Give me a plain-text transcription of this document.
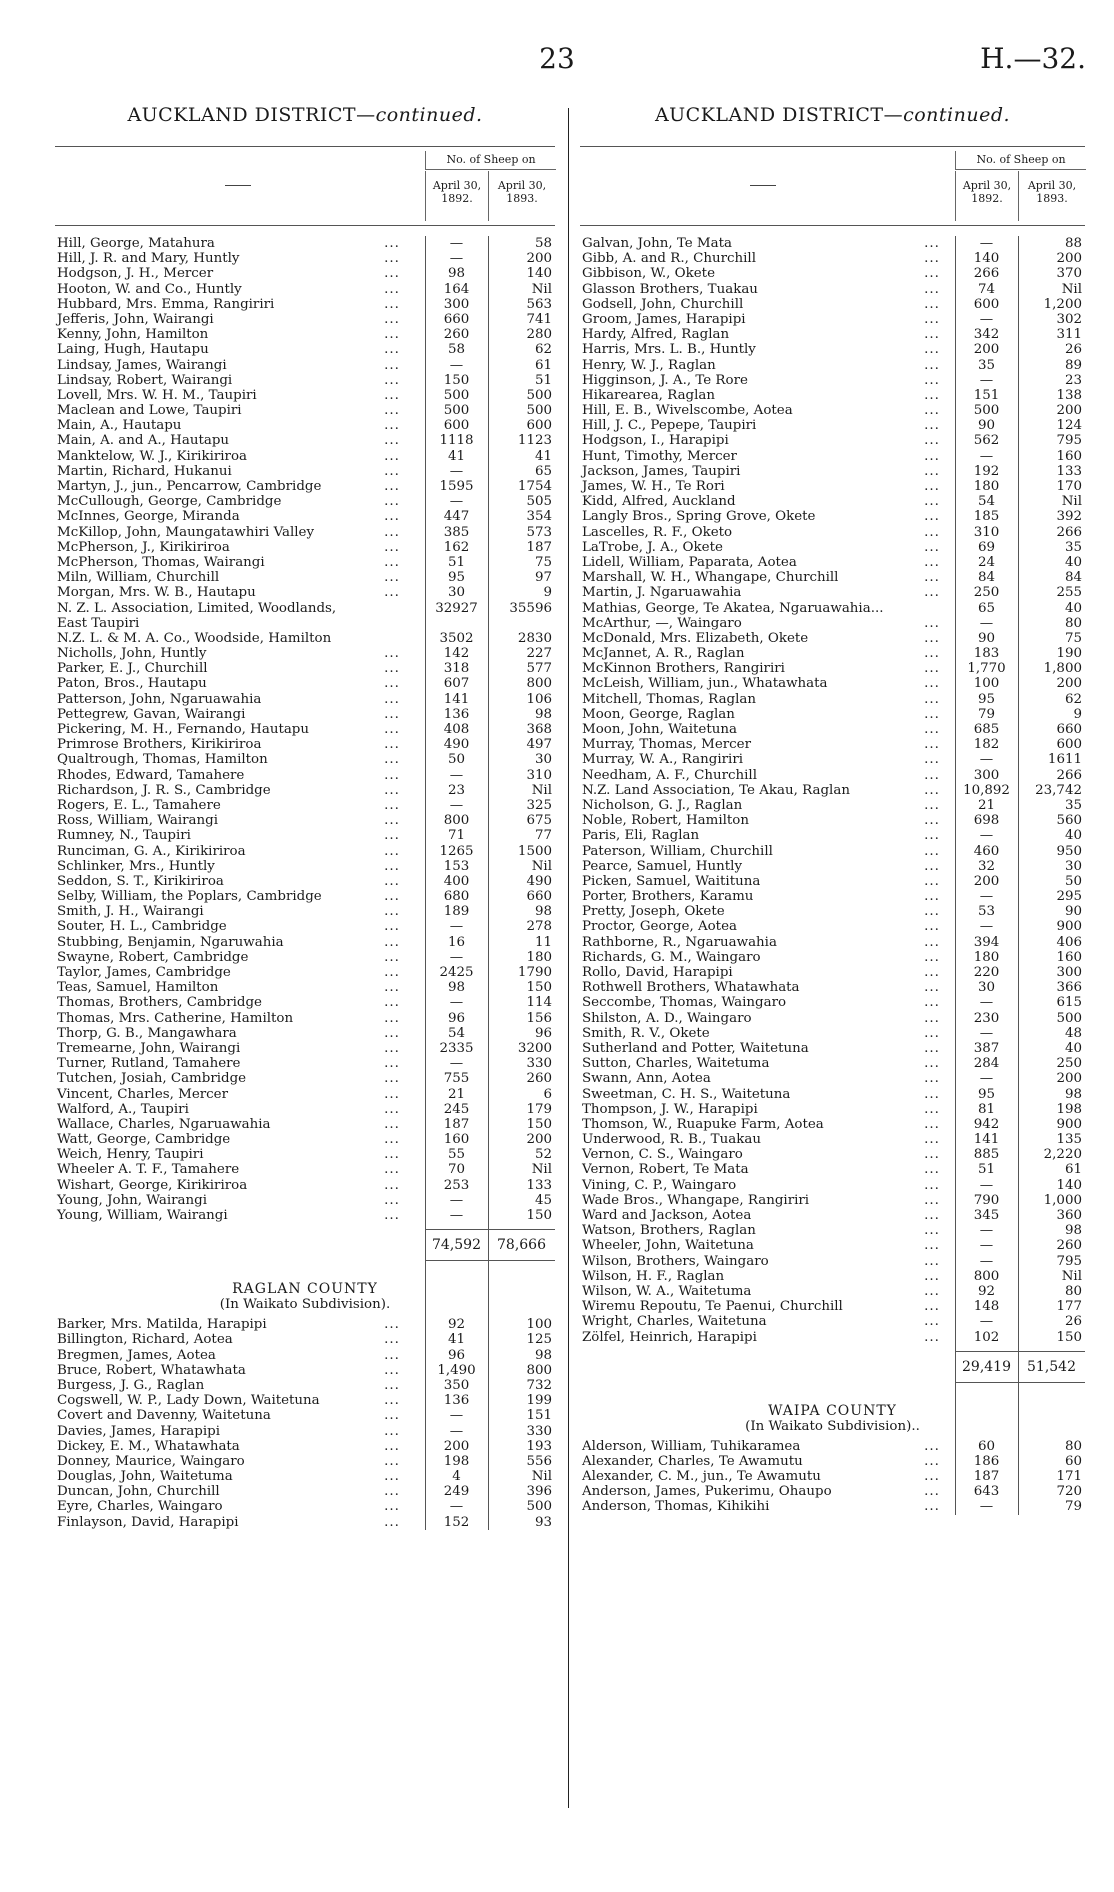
23	H.—32.
AUCKLAND DISTRICT—continued.
No. of Sheep on
April 30,
1892.
April 30,
1893.
Hill, George, Matahura	...	—	58
Hill, J. R. and Mary, Huntly	...	—	200
Hodgson, J. H., Mercer	...	98	140
Hooton, W. and Co., Huntly	...	164	Nil
Hubbard, Mrs. Emma, Rangiriri	...	300	563
Jefferis, John, Wairangi	...	660	741
Kenny, John, Hamilton	...	260	280
Laing, Hugh, Hautapu	...	58	62
Lindsay, James, Wairangi	...	—	61
Lindsay, Robert, Wairangi	...	150	51
Lovell, Mrs. W. H. M., Taupiri	...	500	500
Maclean and Lowe, Taupiri	...	500	500
Main, A., Hautapu	...	600	600
Main, A. and A., Hautapu	...	1118	1123
Manktelow, W. J., Kirikiriroa	...	41	41
Martin, Richard, Hukanui	...	—	65
Martyn, J., jun., Pencarrow, Cambridge	...	1595	1754
McCullough, George, Cambridge	...	—	505
McInnes, George, Miranda	...	447	354
McKillop, John, Maungatawhiri Valley	...	385	573
McPherson, J., Kirikiriroa	...	162	187
McPherson, Thomas, Wairangi	...	51	75
Miln, William, Churchill	...	95	97
Morgan, Mrs. W. B., Hautapu	...	30	9
N. Z. L. Association, Limited, Woodlands,	32927	35596
East Taupiri
N.Z. L. & M. A. Co., Woodside, Hamilton	3502	2830
Nicholls, John, Huntly	...	142	227
Parker, E. J., Churchill	...	318	577
Paton, Bros., Hautapu	...	607	800
Patterson, John, Ngaruawahia	...	141	106
Pettegrew, Gavan, Wairangi	...	136	98
Pickering, M. H., Fernando, Hautapu	...	408	368
Primrose Brothers, Kirikiriroa	...	490	497
Qualtrough, Thomas, Hamilton	...	50	30
Rhodes, Edward, Tamahere	...	—	310
Richardson, J. R. S., Cambridge	...	23	Nil
Rogers, E. L., Tamahere	...	—	325
Ross, William, Wairangi	...	800	675
Rumney, N., Taupiri	...	71	77
Runciman, G. A., Kirikiriroa	...	1265	1500
Schlinker, Mrs., Huntly	...	153	Nil
Seddon, S. T., Kirikiriroa	...	400	490
Selby, William, the Poplars, Cambridge	...	680	660
Smith, J. H., Wairangi	...	189	98
Souter, H. L., Cambridge	...	—	278
Stubbing, Benjamin, Ngaruwahia	...	16	11
Swayne, Robert, Cambridge	...	—	180
Taylor, James, Cambridge	...	2425	1790
Teas, Samuel, Hamilton	...	98	150
Thomas, Brothers, Cambridge	...	—	114
Thomas, Mrs. Catherine, Hamilton	...	96	156
Thorp, G. B., Mangawhara	...	54	96
Tremearne, John, Wairangi	...	2335	3200
Turner, Rutland, Tamahere	...	—	330
Tutchen, Josiah, Cambridge	...	755	260
Vincent, Charles, Mercer	...	21	6
Walford, A., Taupiri	...	245	179
Wallace, Charles, Ngaruawahia	...	187	150
Watt, George, Cambridge	...	160	200
Weich, Henry, Taupiri	...	55	52
Wheeler A. T. F., Tamahere	...	70	Nil
Wishart, George, Kirikiriroa	...	253	133
Young, John, Wairangi	...	—	45
Young, William, Wairangi	...	—	150
74,592	78,666
RAGLAN COUNTY
(In Waikato Subdivision).
Barker, Mrs. Matilda, Harapipi	...	92	100
Billington, Richard, Aotea	...	41	125
Bregmen, James, Aotea	...	96	98
Bruce, Robert, Whatawhata	...	1,490	800
Burgess, J. G., Raglan	...	350	732
Cogswell, W. P., Lady Down, Waitetuna	...	136	199
Covert and Davenny, Waitetuna	...	—	151
Davies, James, Harapipi	...	—	330
Dickey, E. M., Whatawhata	...	200	193
Donney, Maurice, Waingaro	...	198	556
Douglas, John, Waitetuma	...	4	Nil
Duncan, John, Churchill	...	249	396
Eyre, Charles, Waingaro	...	—	500
Finlayson, David, Harapipi	...	152	93
AUCKLAND DISTRICT—continued.
No. of Sheep on
April 30,
1892.
April 30,
1893.
Galvan, John, Te Mata	...	—	88
Gibb, A. and R., Churchill	...	140	200
Gibbison, W., Okete	...	266	370
Glasson Brothers, Tuakau	...	74	Nil
Godsell, John, Churchill	...	600	1,200
Groom, James, Harapipi	...	—	302
Hardy, Alfred, Raglan	...	342	311
Harris, Mrs. L. B., Huntly	...	200	26
Henry, W. J., Raglan	...	35	89
Higginson, J. A., Te Rore	...	—	23
Hikarearea, Raglan	...	151	138
Hill, E. B., Wivelscombe, Aotea	...	500	200
Hill, J. C., Pepepe, Taupiri	...	90	124
Hodgson, I., Harapipi	...	562	795
Hunt, Timothy, Mercer	...	—	160
Jackson, James, Taupiri	...	192	133
James, W. H., Te Rori	...	180	170
Kidd, Alfred, Auckland	...	54	Nil
Langly Bros., Spring Grove, Okete	...	185	392
Lascelles, R. F., Oketo	...	310	266
LaTrobe, J. A., Okete	...	69	35
Lidell, William, Paparata, Aotea	...	24	40
Marshall, W. H., Whangape, Churchill	...	84	84
Martin, J. Ngaruawahia	...	250	255
Mathias, George, Te Akatea, Ngaruawahia...	65	40
McArthur, —, Waingaro	...	—	80
McDonald, Mrs. Elizabeth, Okete	...	90	75
McJannet, A. R., Raglan	...	183	190
McKinnon Brothers, Rangiriri	...	1,770	1,800
McLeish, William, jun., Whatawhata	...	100	200
Mitchell, Thomas, Raglan	...	95	62
Moon, George, Raglan	...	79	9
Moon, John, Waitetuna	...	685	660
Murray, Thomas, Mercer	...	182	600
Murray, W. A., Rangiriri	...	—	1611
Needham, A. F., Churchill	...	300	266
N.Z. Land Association, Te Akau, Raglan	...	10,892	23,742
Nicholson, G. J., Raglan	...	21	35
Noble, Robert, Hamilton	...	698	560
Paris, Eli, Raglan	...	—	40
Paterson, William, Churchill	...	460	950
Pearce, Samuel, Huntly	...	32	30
Picken, Samuel, Waitituna	...	200	50
Porter, Brothers, Karamu	...	—	295
Pretty, Joseph, Okete	...	53	90
Proctor, George, Aotea	...	—	900
Rathborne, R., Ngaruawahia	...	394	406
Richards, G. M., Waingaro	...	180	160
Rollo, David, Harapipi	...	220	300
Rothwell Brothers, Whatawhata	...	30	366
Seccombe, Thomas, Waingaro	...	—	615
Shilston, A. D., Waingaro	...	230	500
Smith, R. V., Okete	...	—	48
Sutherland and Potter, Waitetuna	...	387	40
Sutton, Charles, Waitetuma	...	284	250
Swann, Ann, Aotea	...	—	200
Sweetman, C. H. S., Waitetuna	...	95	98
Thompson, J. W., Harapipi	...	81	198
Thomson, W., Ruapuke Farm, Aotea	...	942	900
Underwood, R. B., Tuakau	...	141	135
Vernon, C. S., Waingaro	...	885	2,220
Vernon, Robert, Te Mata	...	51	61
Vining, C. P., Waingaro	...	—	140
Wade Bros., Whangape, Rangiriri	...	790	1,000
Ward and Jackson, Aotea	...	345	360
Watson, Brothers, Raglan	...	—	98
Wheeler, John, Waitetuna	...	—	260
Wilson, Brothers, Waingaro	...	—	795
Wilson, H. F., Raglan	...	800	Nil
Wilson, W. A., Waitetuma	...	92	80
Wiremu Repoutu, Te Paenui, Churchill	...	148	177
Wright, Charles, Waitetuna	...	—	26
Zölfel, Heinrich, Harapipi	...	102	150
29,419	51,542
WAIPA COUNTY
(In Waikato Subdivision)..
Alderson, William, Tuhikaramea	...	60	80
Alexander, Charles, Te Awamutu	...	186	60
Alexander, C. M., jun., Te Awamutu	...	187	171
Anderson, James, Pukerimu, Ohaupo	...	643	720
Anderson, Thomas, Kihikihi	...	—	79
